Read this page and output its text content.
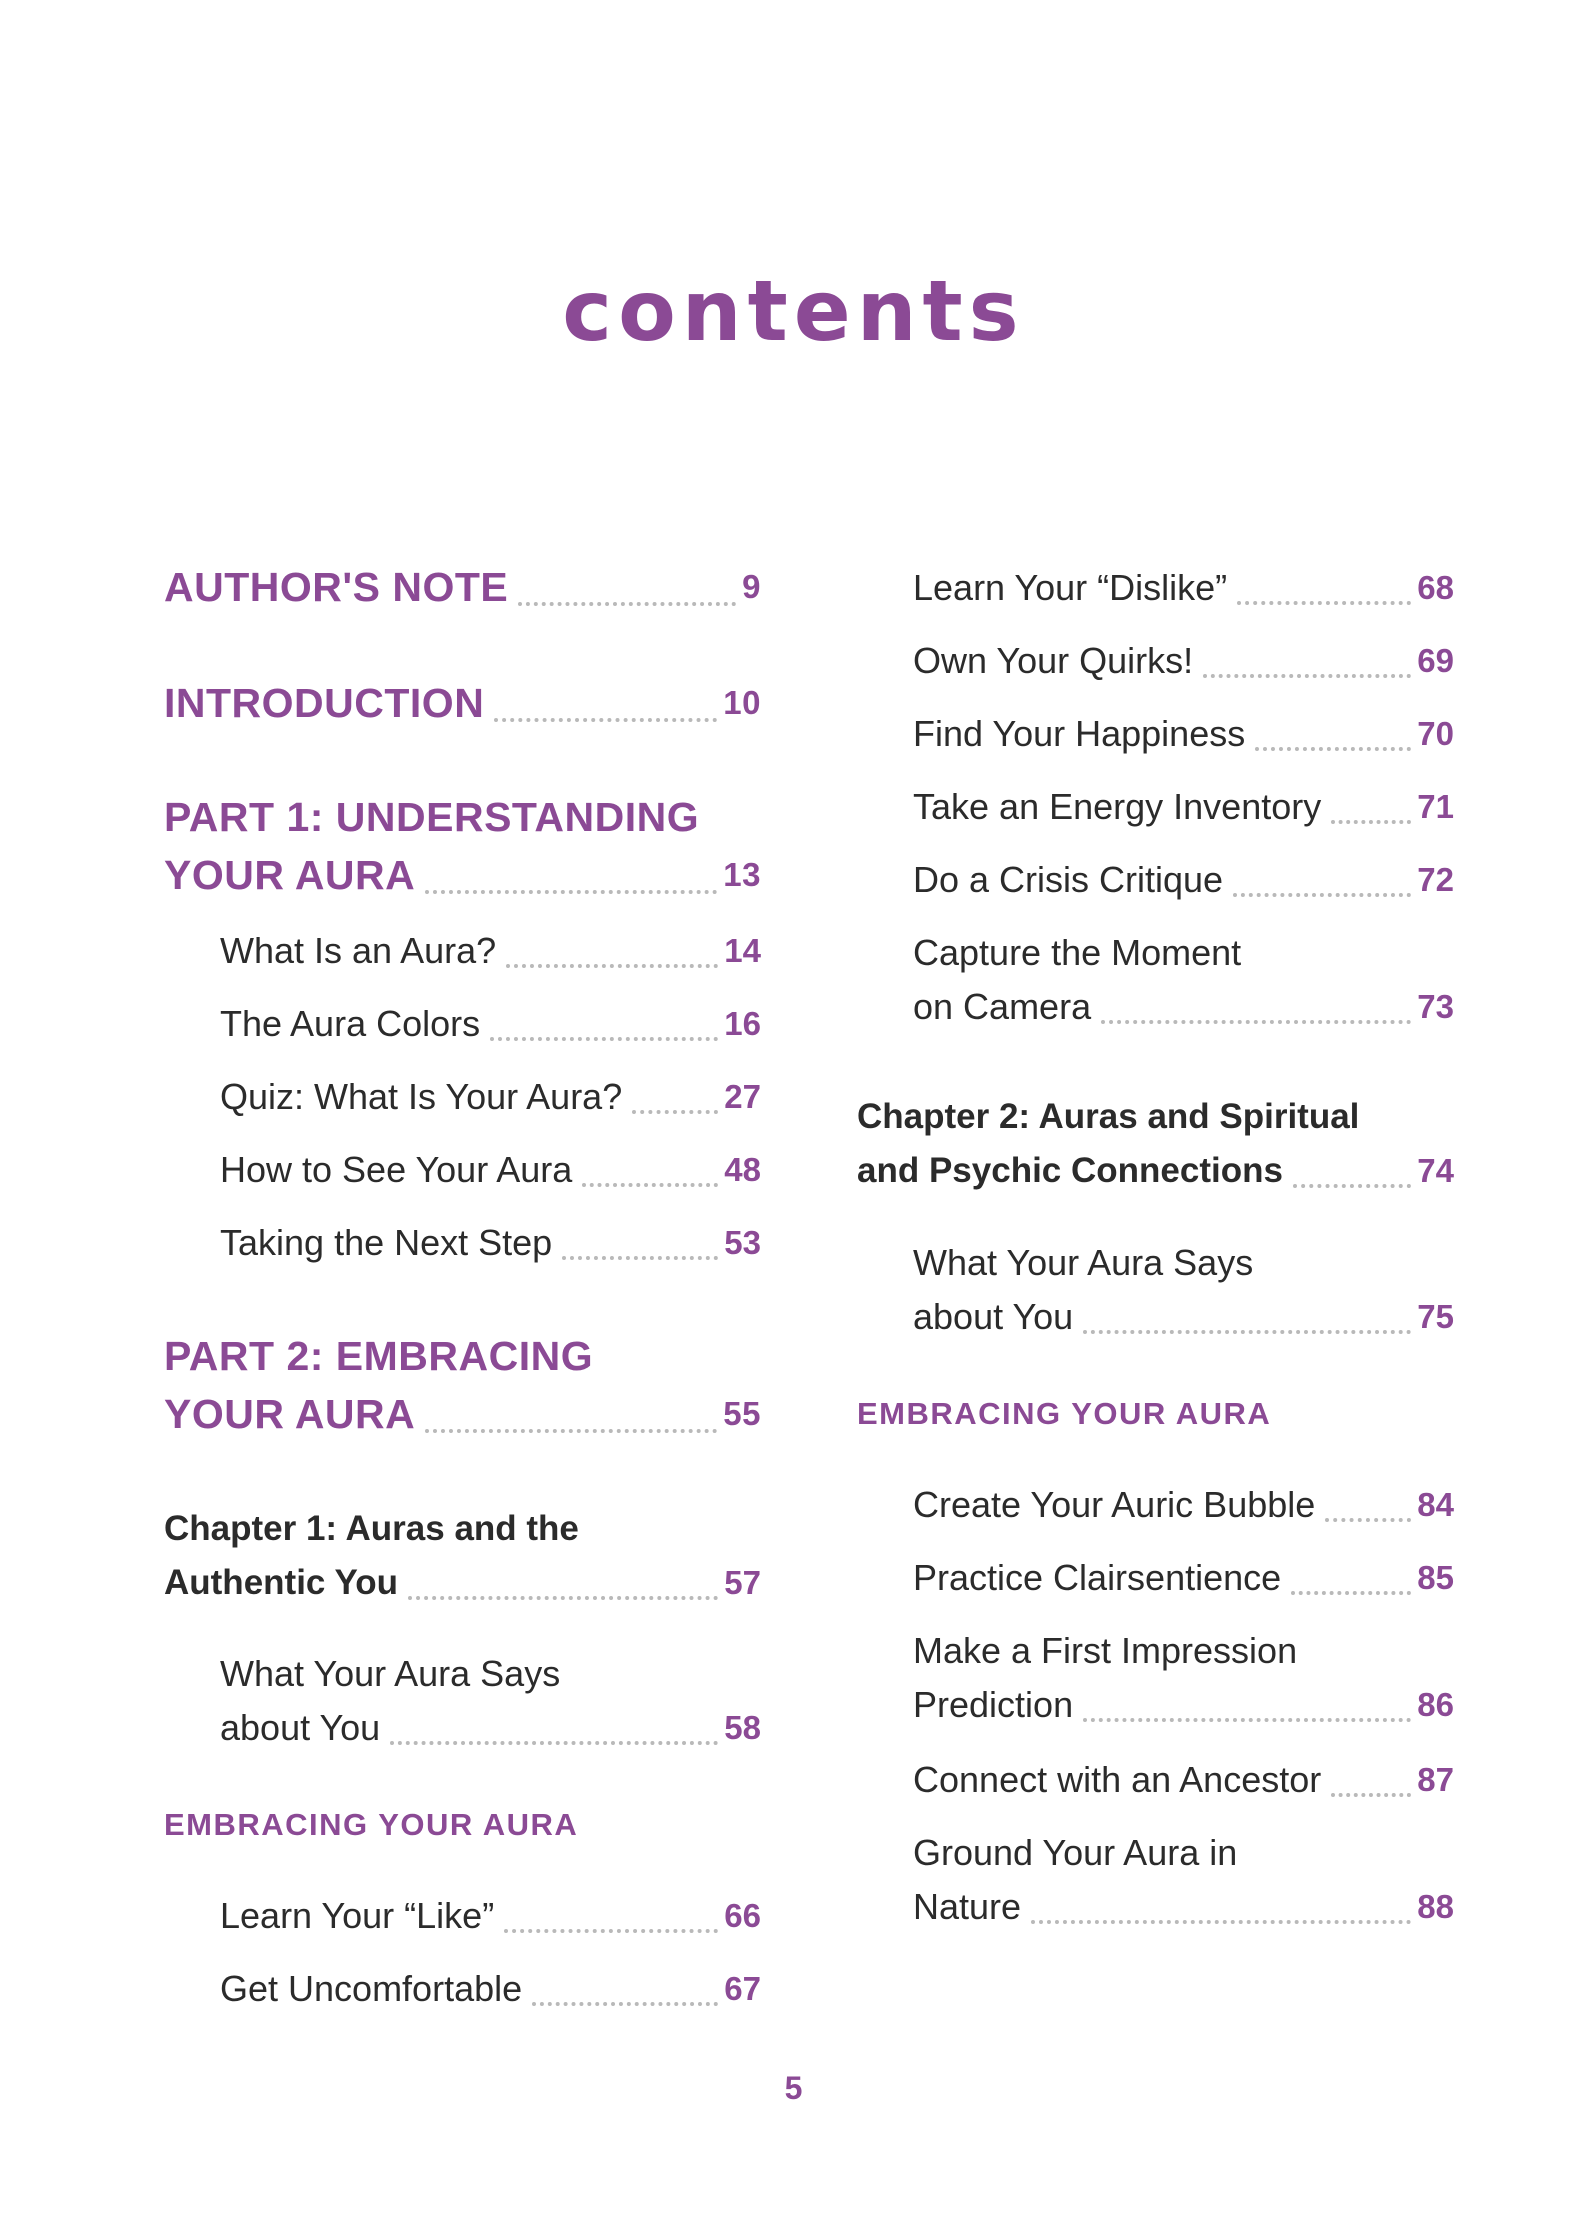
contents
AUTHOR'S NOTE	9
INTRODUCTION	10
PART 1: UNDERSTANDING
YOUR AURA	13
What Is an Aura?	14
The Aura Colors	16
Quiz: What Is Your Aura?	27
How to See Your Aura	48
Taking the Next Step	53
PART 2: EMBRACING
YOUR AURA	55
Chapter 1: Auras and the
Authentic You	57
What Your Aura Says
about You	58
EMBRACING YOUR AURA
Learn Your “Like”	66
Get Uncomfortable	67
Learn Your “Dislike”	68
Own Your Quirks!	69
Find Your Happiness	70
Take an Energy Inventory	71
Do a Crisis Critique	72
Capture the Moment
on Camera	73
Chapter 2: Auras and Spiritual
and Psychic Connections	74
What Your Aura Says
about You	75
EMBRACING YOUR AURA
Create Your Auric Bubble	84
Practice Clairsentience	85
Make a First Impression
Prediction	86
Connect with an Ancestor	87
Ground Your Aura in
Nature	88
5
